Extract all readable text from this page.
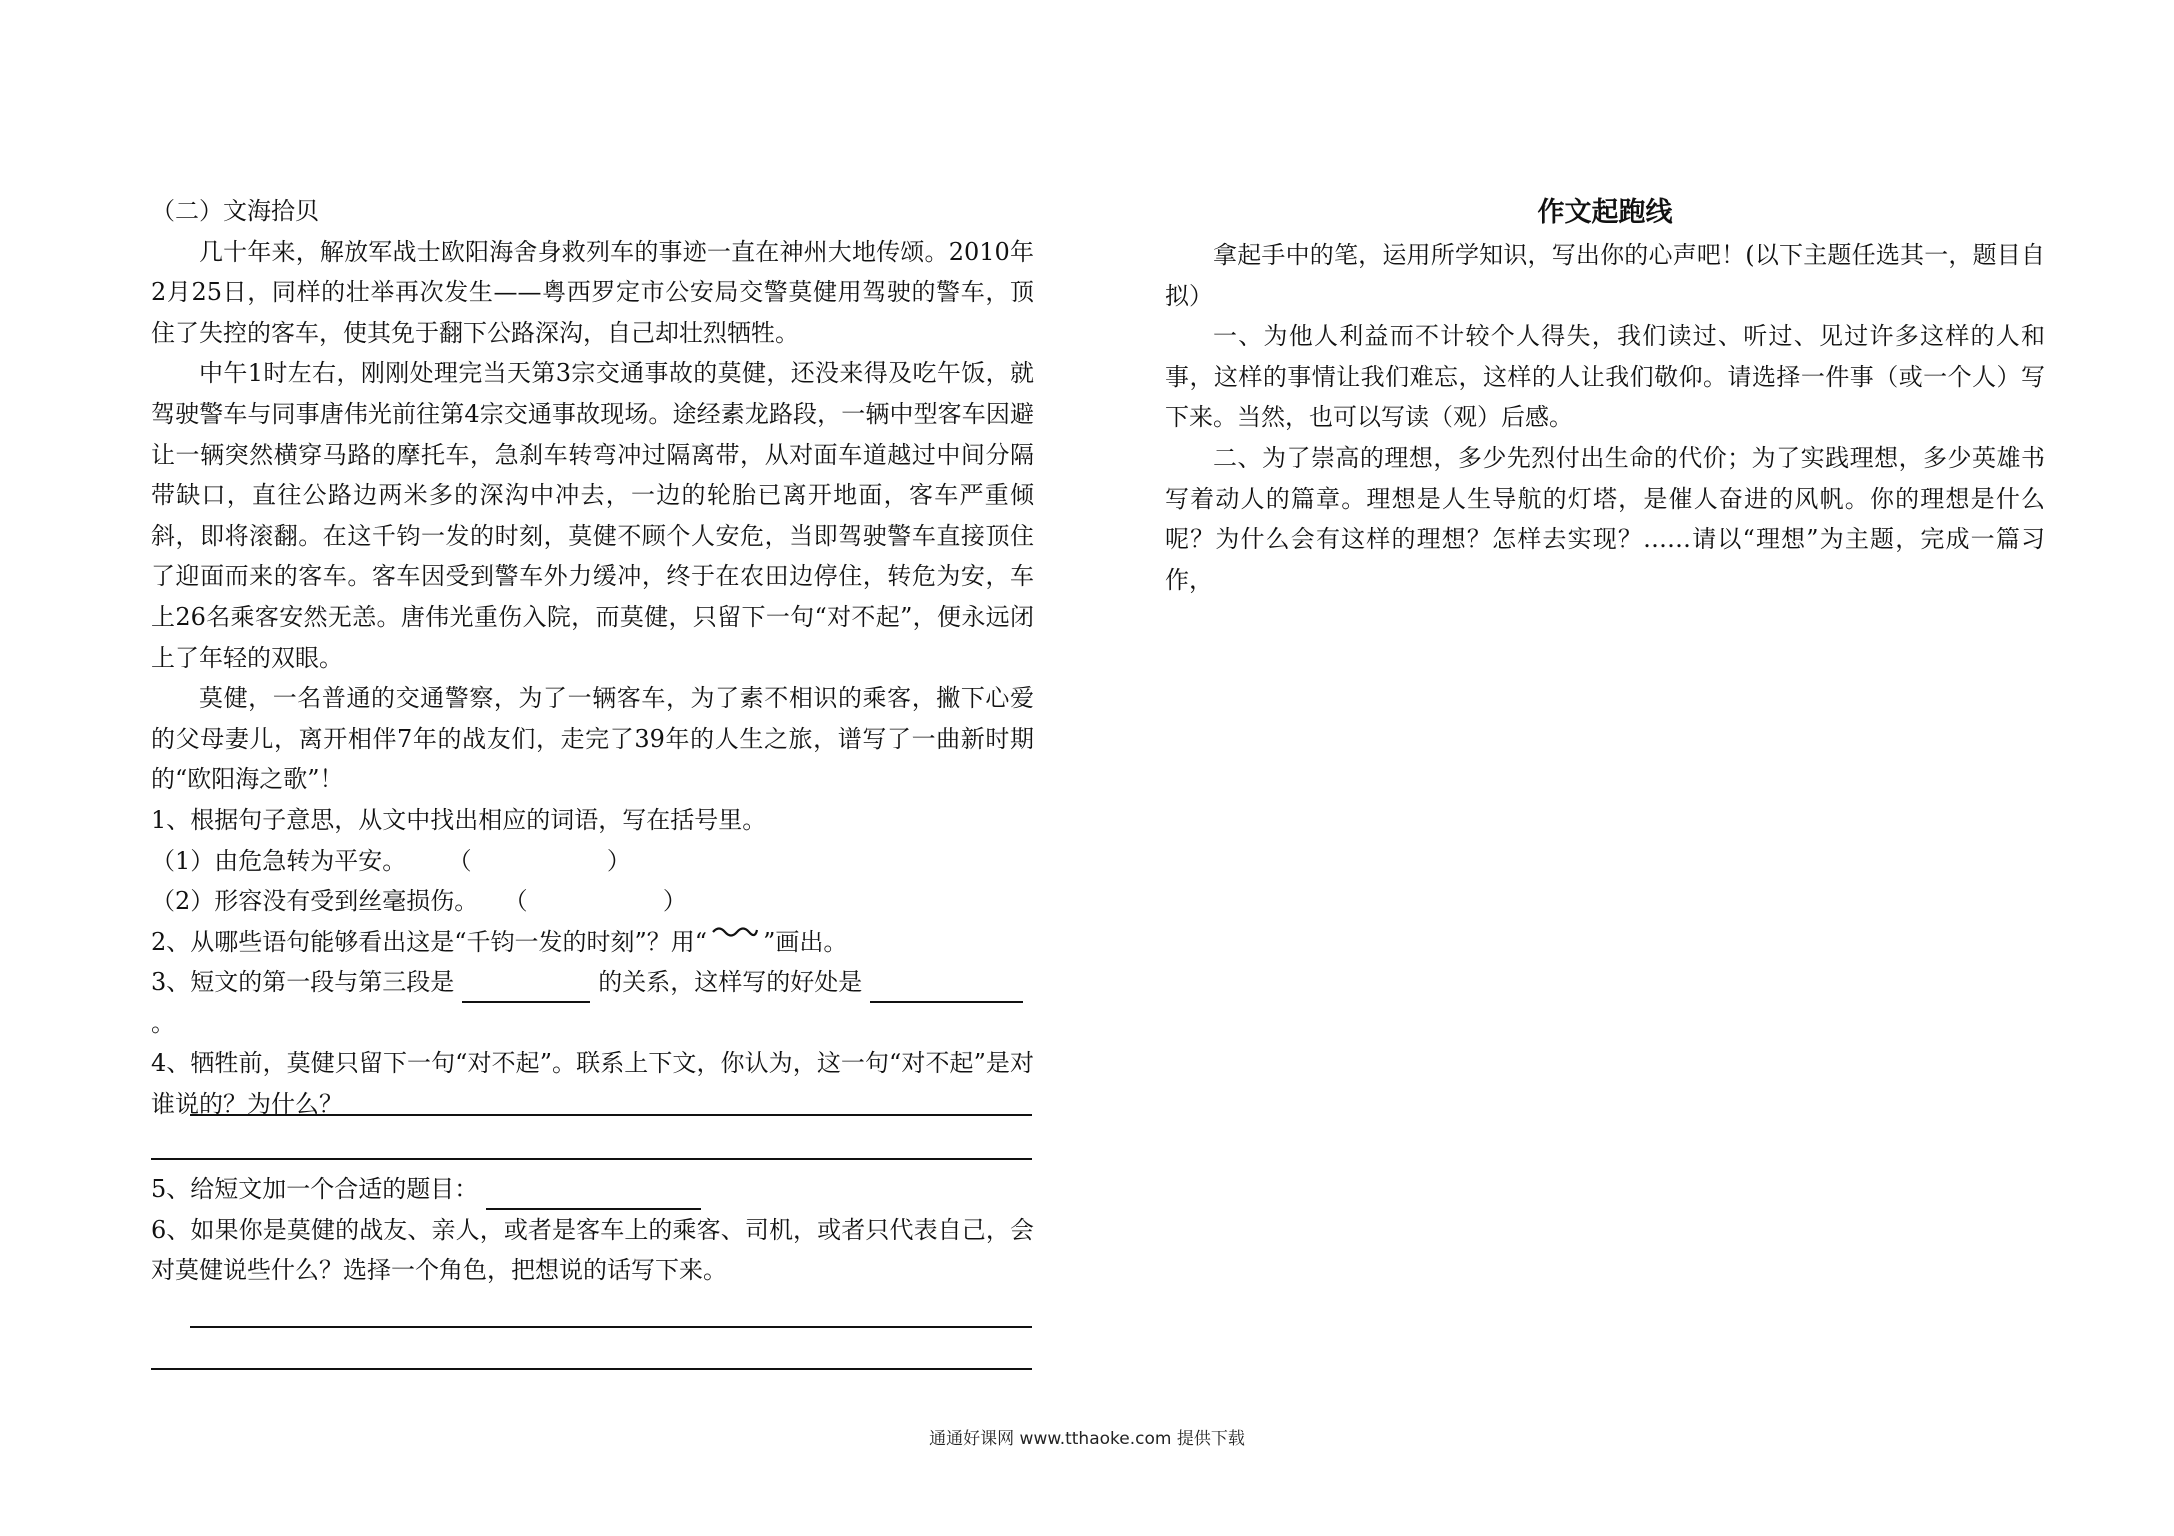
（二）文海拾贝

几十年来，解放军战士欧阳海舍身救列车的事迹一直在神州大地传颂。2010年2月25日，同样的壮举再次发生——粤西罗定市公安局交警莫健用驾驶的警车，顶住了失控的客车，使其免于翻下公路深沟，自己却壮烈牺牲。

中午1时左右，刚刚处理完当天第3宗交通事故的莫健，还没来得及吃午饭，就驾驶警车与同事唐伟光前往第4宗交通事故现场。途经素龙路段，一辆中型客车因避让一辆突然横穿马路的摩托车，急刹车转弯冲过隔离带，从对面车道越过中间分隔带缺口，直往公路边两米多的深沟中冲去，一边的轮胎已离开地面，客车严重倾斜，即将滚翻。在这千钧一发的时刻，莫健不顾个人安危，当即驾驶警车直接顶住了迎面而来的客车。客车因受到警车外力缓冲，终于在农田边停住，转危为安，车上26名乘客安然无恙。唐伟光重伤入院，而莫健，只留下一句“对不起”，便永远闭上了年轻的双眼。

莫健，一名普通的交通警察，为了一辆客车，为了素不相识的乘客，撇下心爱的父母妻儿，离开相伴7年的战友们，走完了39年的人生之旅，谱写了一曲新时期的“欧阳海之歌”！

1、根据句子意思，从文中找出相应的词语，写在括号里。

（1）由危急转为平安。 （	）

（2）形容没有受到丝毫损伤。 （	）

2、从哪些语句能够看出这是“千钧一发的时刻”？用“ ”画出。

3、短文的第一段与第三段是	的关系，这样写的好处是。

4、牺牲前，莫健只留下一句“对不起”。联系上下文，你认为，这一句“对不起”是对谁说的？为什么？

5、给短文加一个合适的题目：

6、如果你是莫健的战友、亲人，或者是客车上的乘客、司机，或者只代表自己，会对莫健说些什么？选择一个角色，把想说的话写下来。

作文起跑线

拿起手中的笔，运用所学知识，写出你的心声吧！(以下主题任选其一，题目自拟）

一、为他人利益而不计较个人得失，我们读过、听过、见过许多这样的人和事，这样的事情让我们难忘，这样的人让我们敬仰。请选择一件事（或一个人）写下来。当然，也可以写读（观）后感。

二、为了崇高的理想，多少先烈付出生命的代价；为了实践理想，多少英雄书写着动人的篇章。理想是人生导航的灯塔，是催人奋进的风帆。你的理想是什么呢？为什么会有这样的理想？怎样去实现？……请以“理想”为主题，完成一篇习作，

通通好课网 www.tthaoke.com 提供下载
